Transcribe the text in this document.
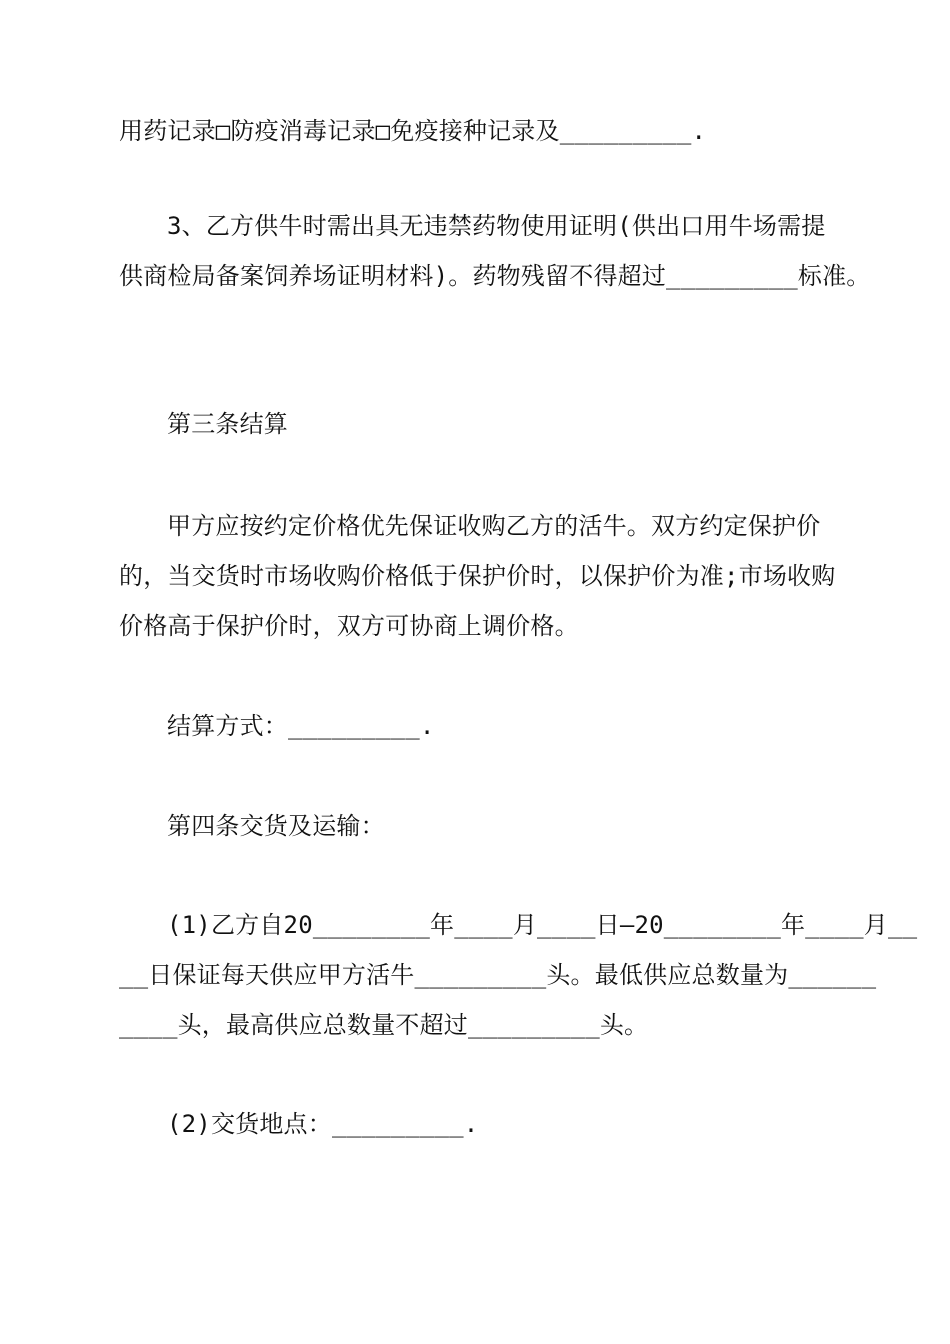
用药记录□防疫消毒记录□免疫接种记录及_________.
3、乙方供牛时需出具无违禁药物使用证明(供出口用牛场需提
供商检局备案饲养场证明材料)。药物残留不得超过_________标准。
第三条结算
甲方应按约定价格优先保证收购乙方的活牛。双方约定保护价
的，当交货时市场收购价格低于保护价时，以保护价为准;市场收购
价格高于保护价时，双方可协商上调价格。
结算方式：_________.
第四条交货及运输：
(1)乙方自20________年____月____日—20________年____月__
__日保证每天供应甲方活牛_________头。最低供应总数量为______
____头，最高供应总数量不超过_________头。
(2)交货地点：_________.
